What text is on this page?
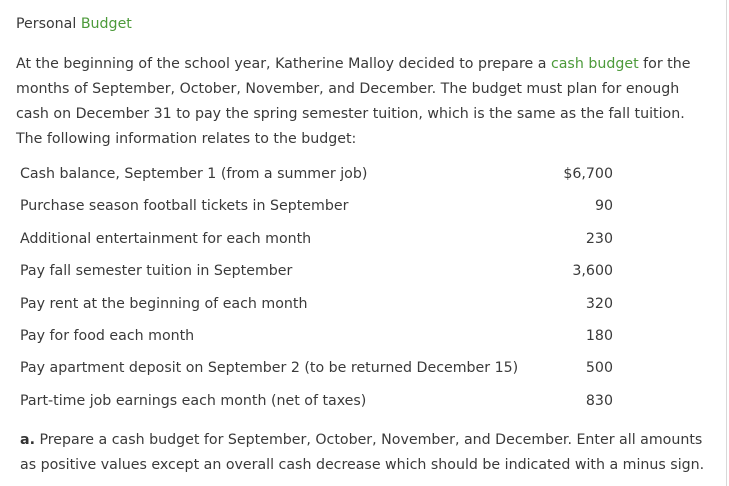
Personal Budget
At the beginning of the school year, Katherine Malloy decided to prepare a cash budget for the
months of September, October, November, and December. The budget must plan for enough
cash on December 31 to pay the spring semester tuition, which is the same as the fall tuition.
The following information relates to the budget:
Cash balance, September 1 (from a summer job)	$6,700
Purchase season football tickets in September	90
Additional entertainment for each month	230
Pay fall semester tuition in September	3,600
Pay rent at the beginning of each month	320
Pay for food each month	180
Pay apartment deposit on September 2 (to be returned December 15)	500
Part-time job earnings each month (net of taxes)	830
a. Prepare a cash budget for September, October, November, and December. Enter all amounts
as positive values except an overall cash decrease which should be indicated with a minus sign.
